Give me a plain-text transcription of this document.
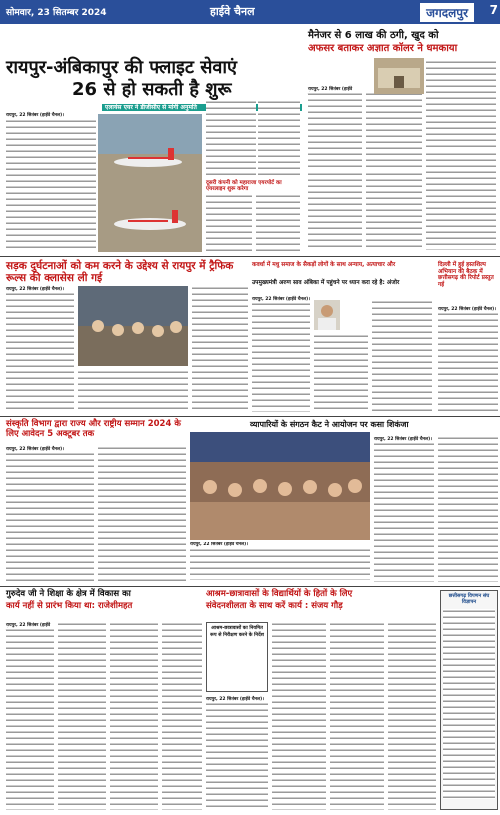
सोमवार, 23 सितम्बर 2024	हाईवे चैनल	जगदलपुर	7
रायपुर-अंबिकापुर की फ्लाइट सेवाएं
26 से हो सकती है शुरू
एलायंस एयर ने डीजीसीए से मांगी अनुमति
रायपुर, 22 सितंबर (हाईवे चैनल)।
दूसरी कंपनी को महाराजा एयरपोर्ट का एयरलाइन शुरू करेगा
मैनेजर से 6 लाख की ठगी, खुद को
अफसर बताकर अज्ञात कॉलर ने धमकाया
रायपुर, 22 सितंबर (हाईवे
सड़क दुर्घटनाओं को कम करने के उद्देश्य से रायपुर में ट्रैफिक रूल्स की क्लासेस ली गई
रायपुर, 22 सितंबर (हाईवे चैनल)।
कवर्धा में मधु समाज के सैकड़ों लोगों के साथ अन्याय, अत्याचार और
उपमुख्यमंत्री अरुण साव अंबिका में पहुंचने पर ध्यान करा रहे है: अंजोर
रायपुर, 22 सितंबर (हाईवे चैनल)।
दिल्ली में हुई हस्तशिल्प अभियान की बैठक में छत्तीसगढ़ की रिपोर्ट प्रस्तुत गई
रायपुर, 22 सितंबर (हाईवे चैनल)।
संस्कृति विभाग द्वारा राज्य और राष्ट्रीय सम्मान 2024 के लिए आवेदन 5 अक्टूबर तक
रायपुर, 22 सितंबर (हाईवे चैनल)।
व्यापारियों के संगठन कैट ने आयोजन पर कसा शिकंजा
रायपुर, 22 सितंबर (हाईवे चैनल)।
रायपुर, 22 सितंबर (हाईवे चैनल)।
गुरुदेव जी ने शिक्षा के क्षेत्र में विकास का
कार्य नहीं से प्रारंभ किया था: राजेशीमहत
रायपुर, 22 सितंबर (हाईवे
आश्रम-छात्रावासों के विद्यार्थियों के हितों के लिए
संवेदनशीलता के साथ करें कार्य : संजय गौड़
आश्रम-छात्रावासों का नियमित रूप से निरीक्षण करने के निर्देश
रायपुर, 22 सितंबर (हाईवे चैनल)।
छत्तीसगढ़ विपणन संघ विज्ञापन
